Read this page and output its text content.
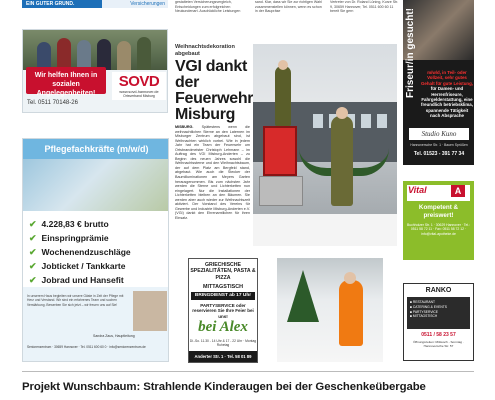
EIN GUTER GRUND.	Versicherungen	gestalteten Versicherungsvergleich, Entscheidungen zum erfolgreichen Neukundenart. Ausdrückliche Leistungen
sand. Klar, dass wir Sie zur richtigen Wahl zusammenstellen können, wenn es schon in der Baupräse
Vertreter von Dr. Roland Lüning, Kurze Str. 9, 30659 Hannover, Tel. 0511 600 60 11 bereit Sie gern
Wir helfen Ihnen in sozialen Angelegenheiten!
SOVD
www.sovd-hannover.de
Ortsverband Misburg
Tel. 0511 70148-26
Pflegefachkräfte (m/w/d)
✔ 4.228,83 € brutto
✔ Einspringprämie
✔ Wochenendzuschläge
✔ Jobticket / Tankkarte
✔ Jobrad und Hansefit
In unserem Haus begleiten wir unsere Gäste in Zeit der Pflege mit Herz und Verstand. Wir sind ein erfahrenes Team und suchen Verstärkung. Bewerben Sie sich jetzt – wir freuen uns auf Sie!
Sandra Zaus, Hauptleitung
Seniorenzentrum · 30659 Hannover · Tel. 0511 600 60 0 · info@seniorenzentrum.de
Weihnachtsdekoration abgebaut
VGI dankt der Feuerwehr Misburg
MISBURG. Spätestens wenn die weihnachtlichen Sterne an den Laternen im Misburger Zentrum abgebaut sind, ist Weihnachten wirklich vorbei. Wie in jedem Jahr hat ein Team der Feuerwehr um Ortsbrandmeister Christoph Lehmann – im Auftrag des VGI Misburg-Anderten – zu Beginn des neuen Jahres sowohl die Weihnachtssterne und den Weihnachtsbaum, der auf dem Platz am Bergfeld stand, abgebaut. Wie auch die Stecker der Baumilluminationen am Meyers Garten herausgenommen. Bis zum nächsten Jahr werden die Sterne und Lichterketten nun eingelagert. Nur die Installationen der Lichterketten bleiben an den Bäumen. Sie werden aber auch wieder zur Weihnachtszeit aktiviert. Der Vorstand des Vereins für Gewerbe und Industrie Misburg-Anderten e.V. (VGI) dankt den Ehrenamtlichen für ihren Einsatz.
Friseur/in gesucht!	m/w/d, in Teil- oder Vollzeit, sehr gutes Gehalt für gute Leistung, für Damen- und Herrenfriseure, Fahrgelderstattung, eine freundlich betriebsklima, spannende Tätigkeit nach Absprache
Studio Kuno
Hannoversche Str. 1 · Bauen Sprüßen
Tel. 01523 - 391 77 34
Vital	A
Kompetent & preiswert!
Buchholzer Str. 1 · 30629 Hannover · Tel.: 0511 58 72 11 · Fax: 0511 58 72 12 · info@vital-apotheke.de
GRIECHISCHE SPEZIALITÄTEN, PASTA & PIZZA
MITTAGSTISCH
BRINGDIENST ab 17 Uhr
PARTYSERVICE oder reservieren Sie Ihre Feier bei uns!
bei Alex
Di.-So. 11.30 - 14 Uhr & 17 - 22 Uhr · Montag Ruhetag
Anderter Str. 1 · Tel. 58 01 89
RANKO
■ RESTAURANT
■ CATERING & EVENTS
■ PARTYSERVICE
■ MITTAGSTISCH
0511 / 58 23 57
Öffnungszeiten: Mittwoch - Sonntag · Hannoversche Str. 57
Projekt Wunschbaum: Strahlende Kinderaugen bei der Geschenkeübergabe
